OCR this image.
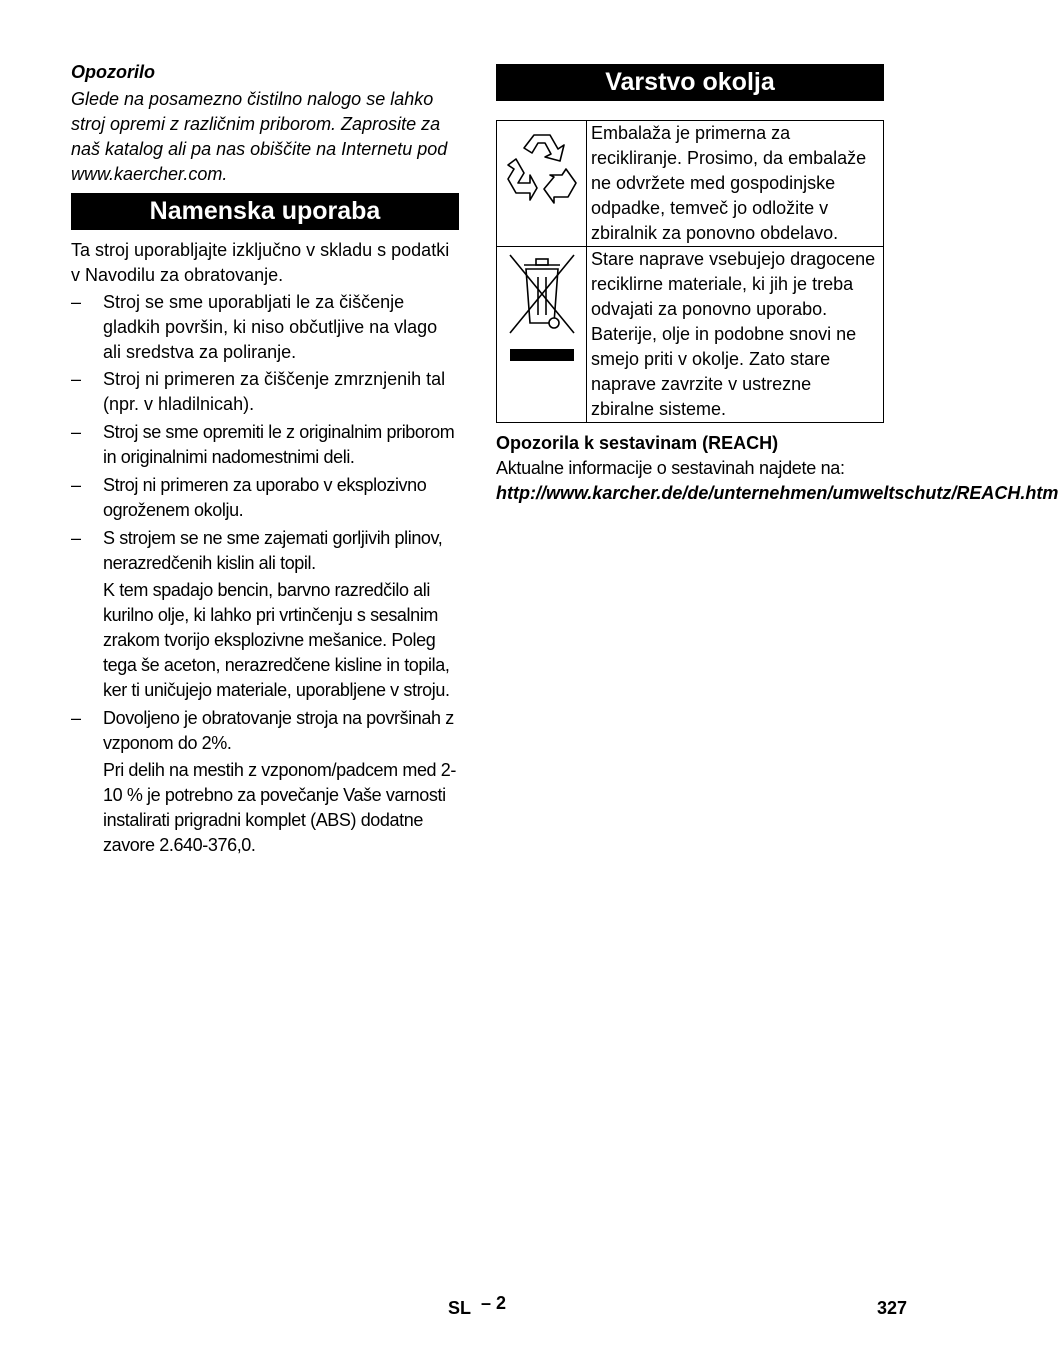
Opozorilo

Glede na posamezno čistilno nalogo se lahko stroj opremi z različnim priborom. Zaprosite za naš katalog ali pa nas obiščite na Internetu pod www.kaercher.com.

Namenska uporaba

Ta stroj uporabljajte izključno v skladu s podatki v Navodilu za obratovanje.

– Stroj se sme uporabljati le za čiščenje gladkih površin, ki niso občutljive na vlago ali sredstva za poliranje.
– Stroj ni primeren za čiščenje zmrznjenih tal (npr. v hladilnicah).
– Stroj se sme opremiti le z originalnim priborom in originalnimi nadomestnimi deli.
– Stroj ni primeren za uporabo v eksplozivno ogroženem okolju.
– S strojem se ne sme zajemati gorljivih plinov, nerazredčenih kislin ali topil.
K tem spadajo bencin, barvno razredčilo ali kurilno olje, ki lahko pri vrtinčenju s sesalnim zrakom tvorijo eksplozivne mešanice. Poleg tega še aceton, nerazredčene kisline in topila, ker ti uničujejo materiale, uporabljene v stroju.
– Dovoljeno je obratovanje stroja na površinah z vzponom do 2%.
Pri delih na mestih z vzponom/padcem med 2-10 % je potrebno za povečanje Vaše varnosti instalirati prigradni komplet (ABS) dodatne zavore 2.640-376,0.
Varstvo okolja
	Embalaža je primerna za recikliranje. Prosimo, da embalaže ne odvržete med gospodinjske odpadke, temveč jo odložite v zbiralnik za ponovno obdelavo.
	Stare naprave vsebujejo dragocene reciklirne materiale, ki jih je treba odvajati za ponovno uporabo. Baterije, olje in podobne snovi ne smejo priti v okolje. Zato stare naprave zavrzite v ustrezne zbiralne sisteme.

Opozorila k sestavinam (REACH)

Aktualne informacije o sestavinah najdete na:

http://www.karcher.de/de/unternehmen/umweltschutz/REACH.htm

SL – 2	327
